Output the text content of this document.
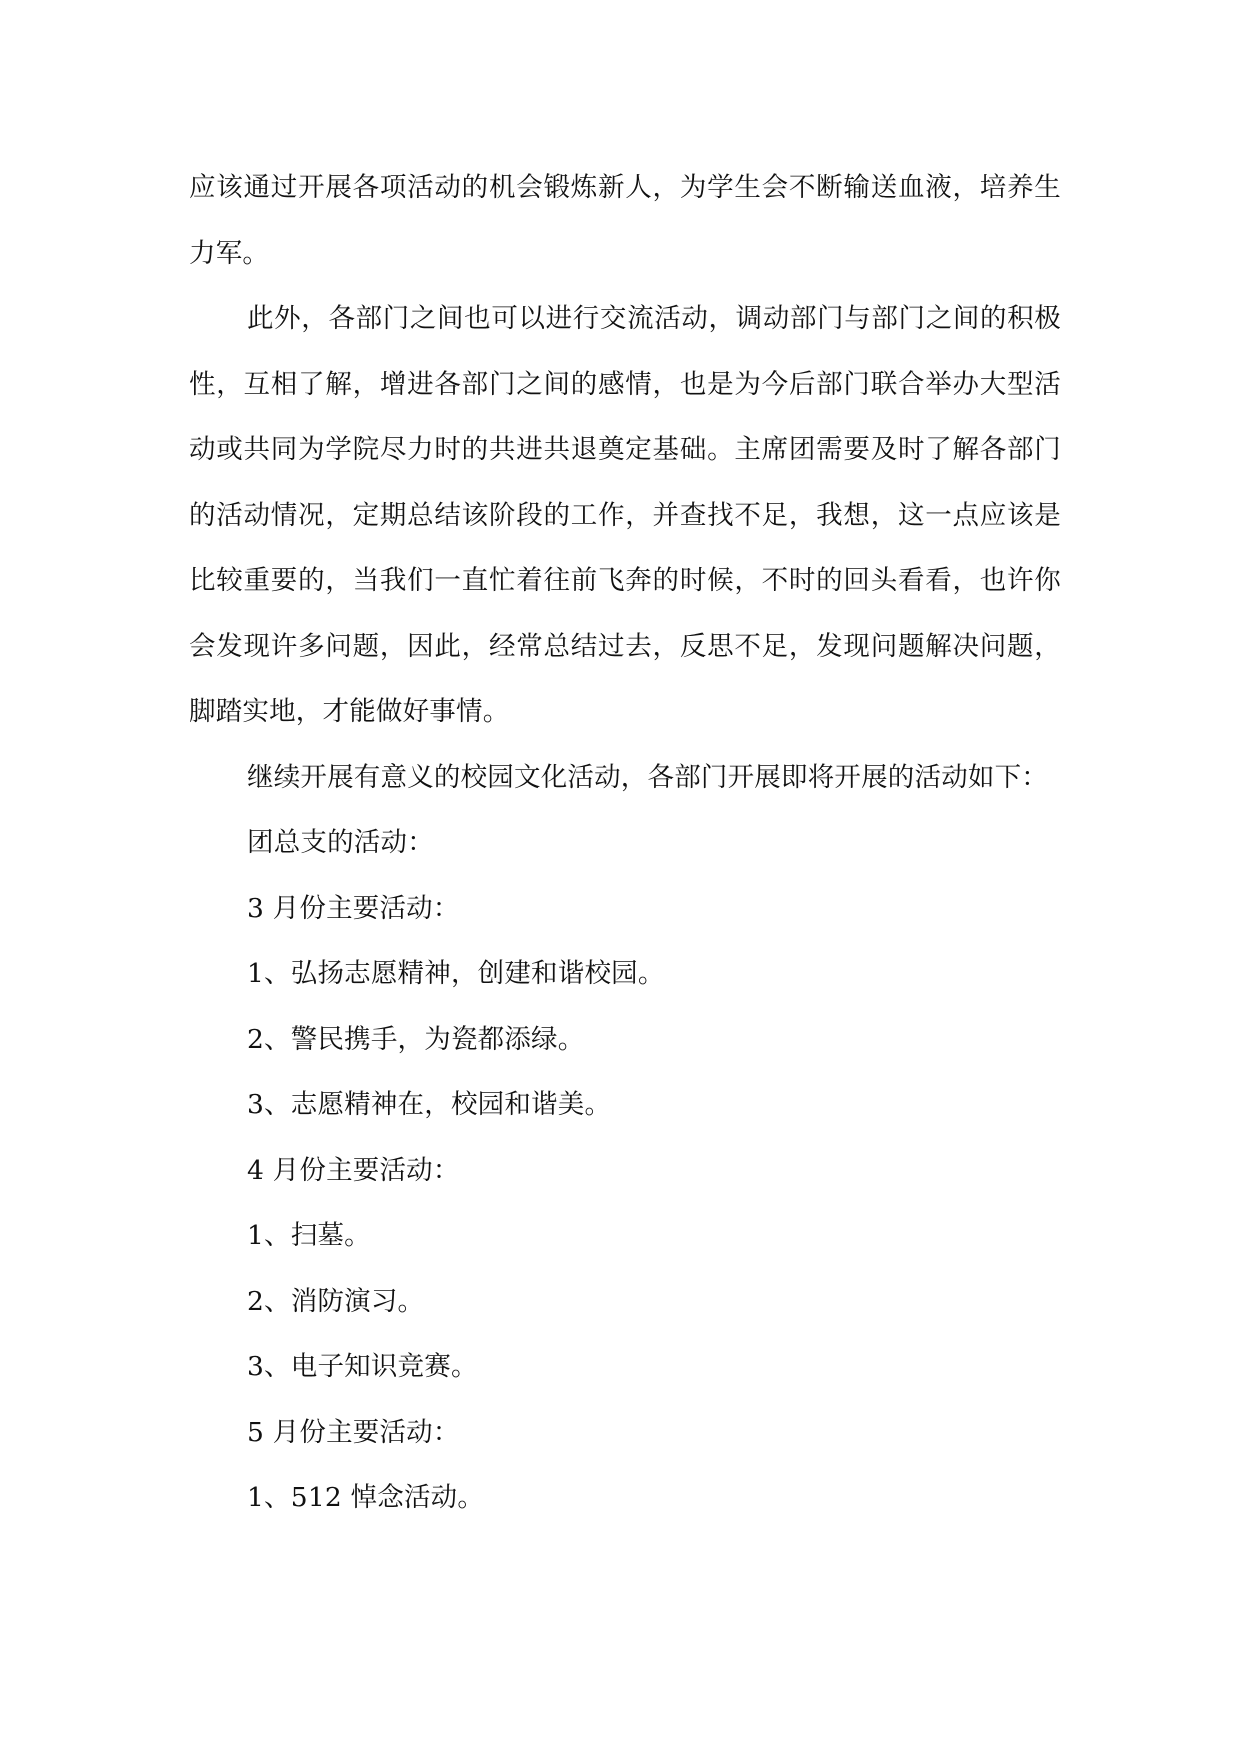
应该通过开展各项活动的机会锻炼新人，为学生会不断输送血液，培养生力军。

此外，各部门之间也可以进行交流活动，调动部门与部门之间的积极性，互相了解，增进各部门之间的感情，也是为今后部门联合举办大型活动或共同为学院尽力时的共进共退奠定基础。主席团需要及时了解各部门的活动情况，定期总结该阶段的工作，并查找不足，我想，这一点应该是比较重要的，当我们一直忙着往前飞奔的时候，不时的回头看看，也许你会发现许多问题，因此，经常总结过去，反思不足，发现问题解决问题，脚踏实地，才能做好事情。

继续开展有意义的校园文化活动，各部门开展即将开展的活动如下：

团总支的活动：

3 月份主要活动：

1、弘扬志愿精神，创建和谐校园。

2、警民携手，为瓷都添绿。

3、志愿精神在，校园和谐美。

4 月份主要活动：

1、扫墓。

2、消防演习。

3、电子知识竞赛。

5 月份主要活动：

1、512 悼念活动。
